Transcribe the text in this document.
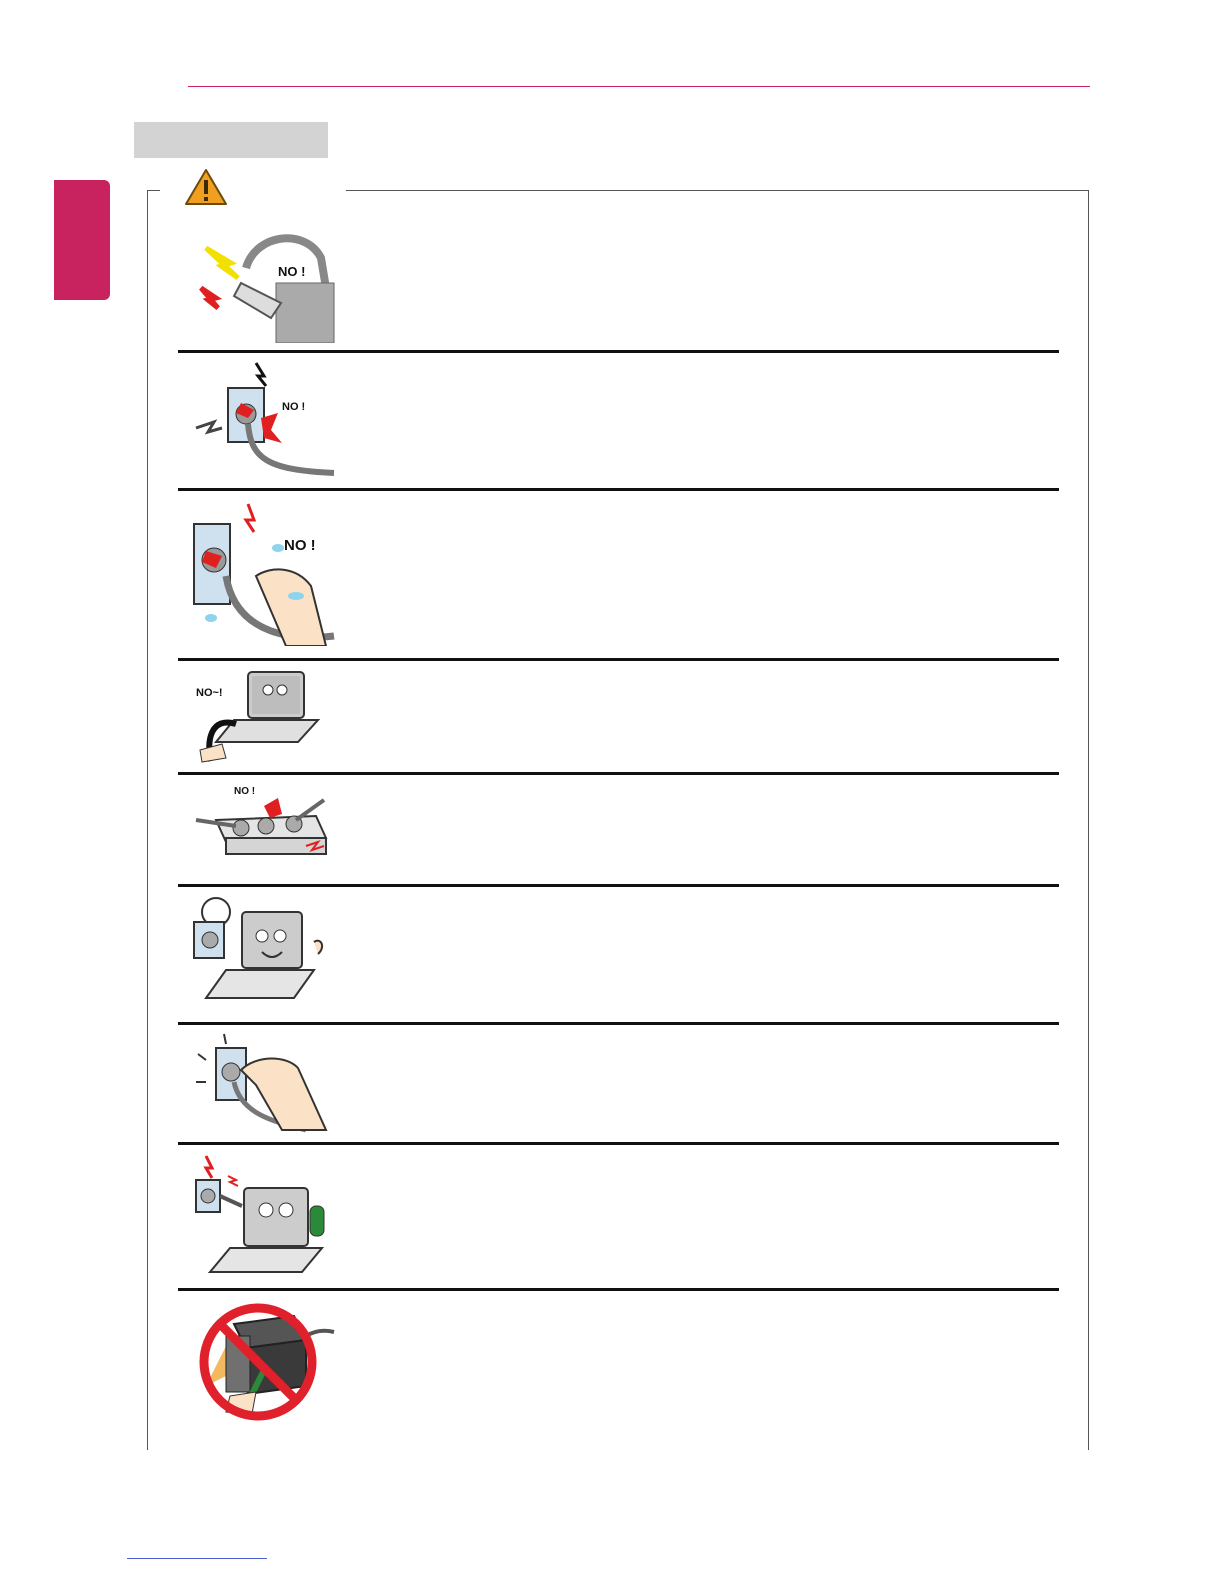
NO !
NO !
NO !
NO~!
NO !
